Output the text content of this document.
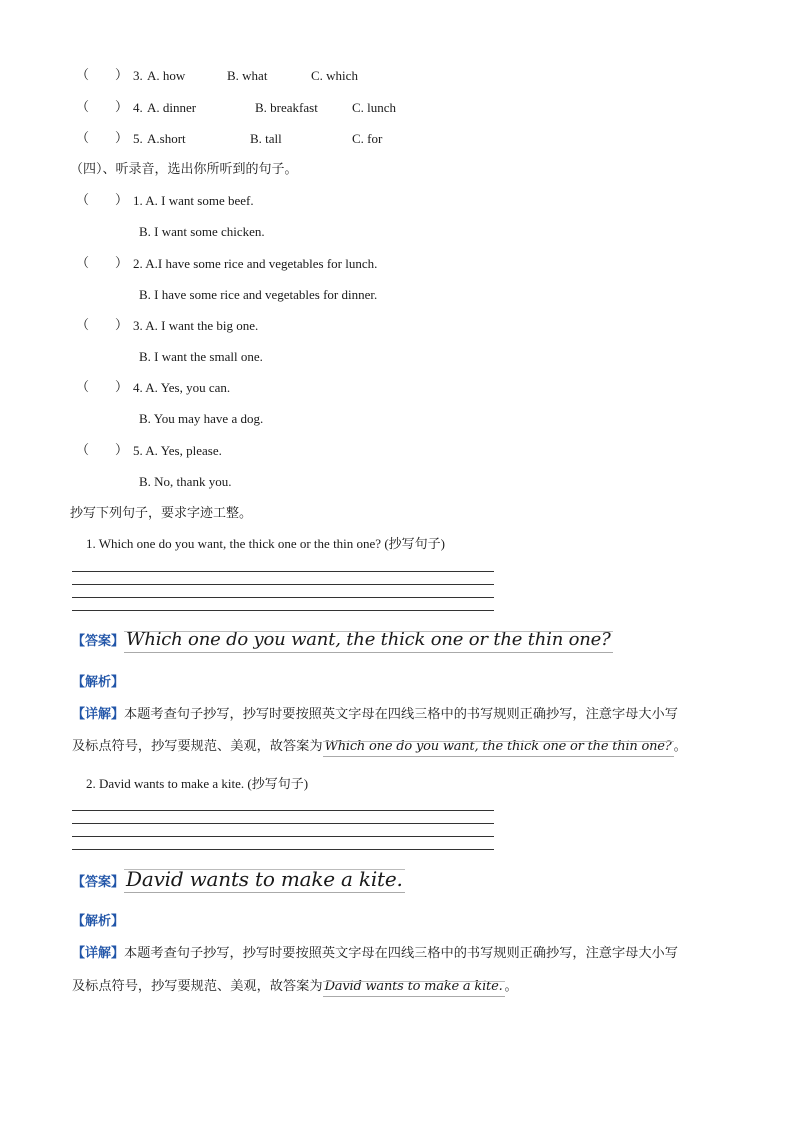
（　　） 3. A. how	B. what	C. which
（　　） 4. A. dinner	B. breakfast	C. lunch
（　　） 5. A.short	B. tall	C. for
（四）、听录音，选出你所听到的句子。
（　　） 1. A. I want some beef.
B. I want some chicken.
（　　） 2. A.I have some rice and vegetables for lunch.
B. I have some rice and vegetables for dinner.
（　　） 3. A. I want the big one.
B. I want the small one.
（　　） 4. A. Yes, you can.
B. You may have a dog.
（　　） 5. A. Yes, please.
B. No, thank you.
抄写下列句子，要求字迹工整。
1. Which one do you want, the thick one or the thin one? (抄写句子)
【答案】 Which one do you want, the thick one or the thin one?
【解析】
【详解】本题考查句子抄写，抄写时要按照英文字母在四线三格中的书写规则正确抄写，注意字母大小写
及标点符号，抄写要规范、美观，故答案为 Which one do you want, the thick one or the thin one? 。
2. David wants to make a kite. (抄写句子)
【答案】 David wants to make a kite.
【解析】
【详解】本题考查句子抄写，抄写时要按照英文字母在四线三格中的书写规则正确抄写，注意字母大小写
及标点符号，抄写要规范、美观，故答案为 David wants to make a kite. 。
